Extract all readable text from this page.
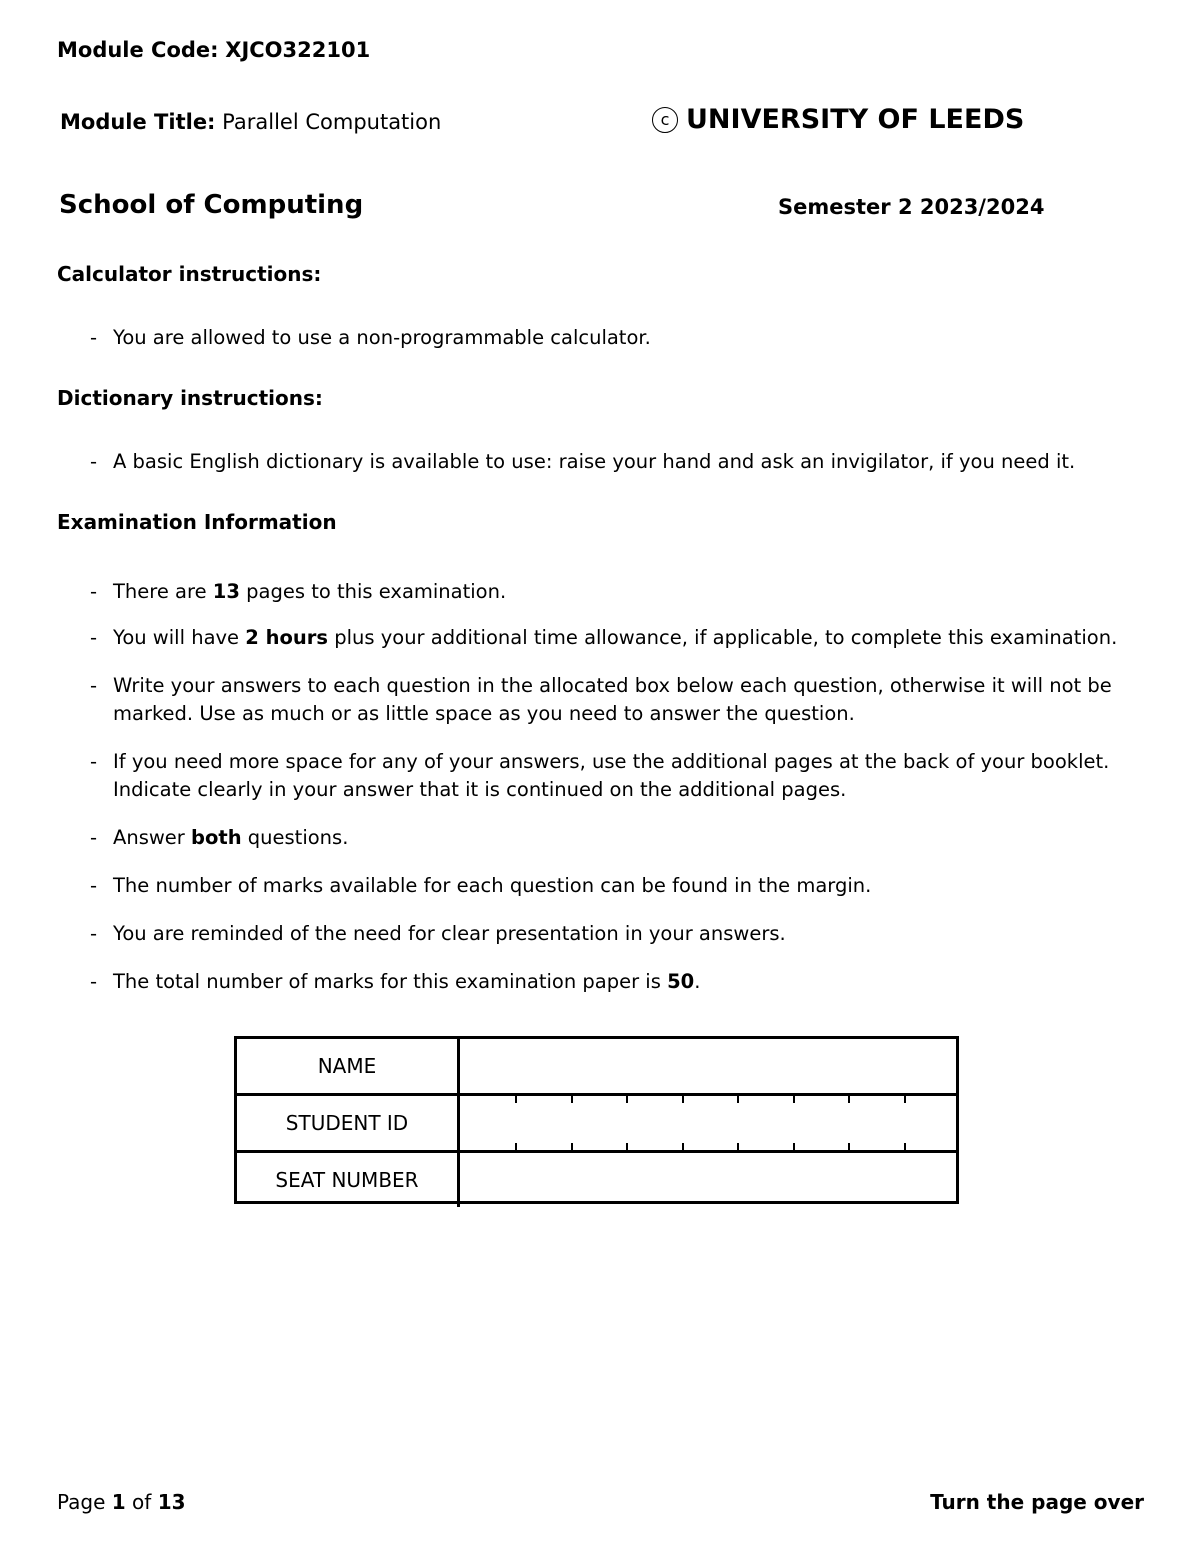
Module Code: XJCO322101
Module Title: Parallel Computation	c UNIVERSITY OF LEEDS
School of Computing	Semester 2 2023/2024
Calculator instructions:
- You are allowed to use a non-programmable calculator.
Dictionary instructions:
- A basic English dictionary is available to use: raise your hand and ask an invigilator, if you need it.
Examination Information
- There are 13 pages to this examination.
- You will have 2 hours plus your additional time allowance, if applicable, to complete this examination.
- Write your answers to each question in the allocated box below each question, otherwise it will not be
marked. Use as much or as little space as you need to answer the question.
- If you need more space for any of your answers, use the additional pages at the back of your booklet.
Indicate clearly in your answer that it is continued on the additional pages.
- Answer both questions.
- The number of marks available for each question can be found in the margin.
- You are reminded of the need for clear presentation in your answers.
- The total number of marks for this examination paper is 50.
NAME
STUDENT ID
SEAT NUMBER
Page 1 of 13	Turn the page over
